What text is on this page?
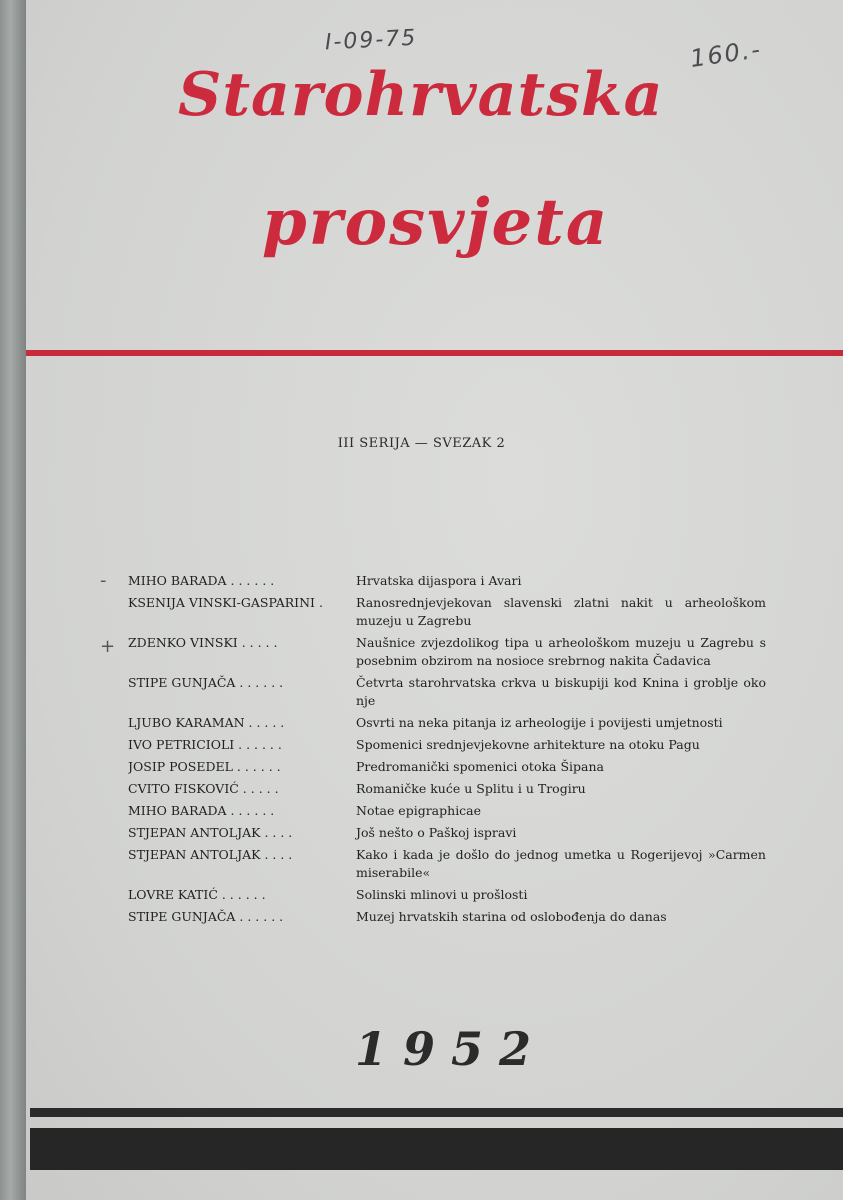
I-09-75	160.-
Starohrvatska
prosvjeta
III SERIJA — SVEZAK 2
‐
+
MIHO BARADA . . . . . .	Hrvatska dijaspora i Avari
KSENIJA VINSKI-GASPARINI .	Ranosrednjevjekovan slavenski zlatni nakit u arheološkom muzeju u Zagrebu
ZDENKO VINSKI . . . . .	Naušnice zvjezdolikog tipa u arheološkom muzeju u Zagrebu s posebnim obzirom na nosioce srebrnog nakita Čadavica
STIPE GUNJAČA . . . . . .	Četvrta starohrvatska crkva u biskupiji kod Knina i groblje oko nje
LJUBO KARAMAN . . . . .	Osvrti na neka pitanja iz arheologije i povijesti umjetnosti
IVO PETRICIOLI . . . . . .	Spomenici srednjevjekovne arhitekture na otoku Pagu
JOSIP POSEDEL . . . . . .	Predromanički spomenici otoka Šipana
CVITO FISKOVIĆ . . . . .	Romaničke kuće u Splitu i u Trogiru
MIHO BARADA . . . . . .	Notae epigraphicae
STJEPAN ANTOLJAK . . . .	Još nešto o Paškoj ispravi
STJEPAN ANTOLJAK . . . .	Kako i kada je došlo do jednog umetka u Rogerijevoj »Carmen miserabile«
LOVRE KATIĆ . . . . . .	Solinski mlinovi u prošlosti
STIPE GUNJAČA . . . . . .	Muzej hrvatskih starina od oslobođenja do danas
1952
